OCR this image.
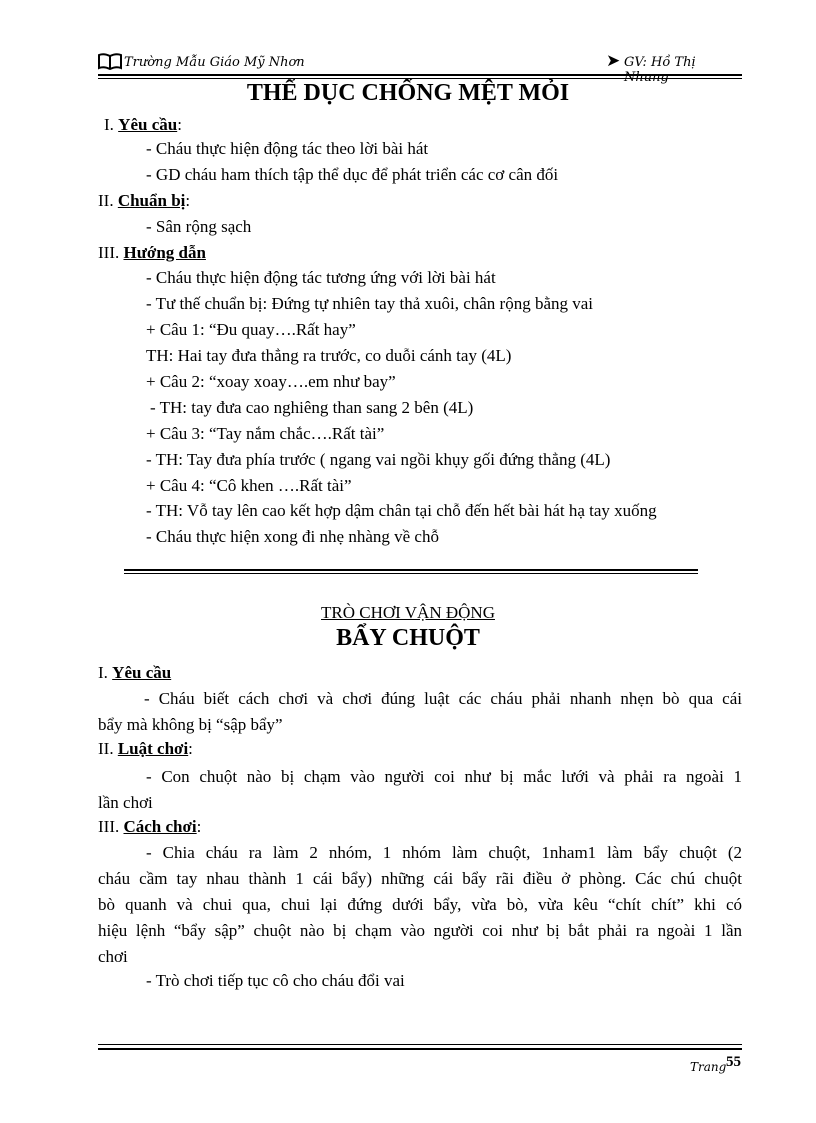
Trường Mẫu Giáo Mỹ Nhơn	➤ GV: Hồ Thị Nhung
THỂ DỤC CHỐNG MỆT MỎI
I. Yêu cầu:
- Cháu thực hiện động tác theo lời bài hát
- GD cháu ham thích tập thể dục để phát triển các cơ cân đối
II. Chuẩn bị:
- Sân rộng sạch
III. Hướng dẫn
- Cháu thực hiện động tác tương ứng với lời bài hát
- Tư thế chuẩn bị: Đứng tự nhiên tay thả xuôi, chân rộng bằng vai
+ Câu 1: “Đu quay….Rất hay”
TH: Hai tay đưa thẳng ra trước, co duỗi cánh tay (4L)
+ Câu 2: “xoay xoay….em như bay”
- TH: tay đưa cao nghiêng than sang 2 bên (4L)
+ Câu 3: “Tay nắm chắc….Rất tài”
- TH: Tay đưa phía trước ( ngang vai ngồi khụy gối đứng thẳng (4L)
+ Câu 4: “Cô khen ….Rất tài”
- TH: Vỗ tay lên cao kết hợp dậm chân tại chỗ đến hết bài hát hạ tay xuống
- Cháu thực hiện xong đi nhẹ nhàng về chỗ
TRÒ CHƠI VẬN ĐỘNG
BẨY CHUỘT
I. Yêu cầu
- Cháu biết cách chơi và chơi đúng luật các cháu phải nhanh nhẹn bò qua cái
bẩy mà không bị “sập bẩy”
II. Luật chơi:
- Con chuột nào bị chạm vào người coi như bị mắc lưới và phải ra ngoài 1
lần chơi
III. Cách chơi:
- Chia cháu ra làm 2 nhóm, 1 nhóm làm chuột, 1nham1 làm bẩy chuột (2
cháu cầm tay nhau thành 1 cái bẩy) những cái bẩy rãi điều ở phòng. Các chú chuột
bò quanh và chui qua, chui lại đứng dưới bẩy, vừa bò, vừa kêu “chít chít” khi có
hiệu lệnh “bẩy sập” chuột nào bị chạm vào người coi như bị bắt phải ra ngoài 1 lần
chơi
- Trò chơi tiếp tục cô cho cháu đổi vai
Trang 55
